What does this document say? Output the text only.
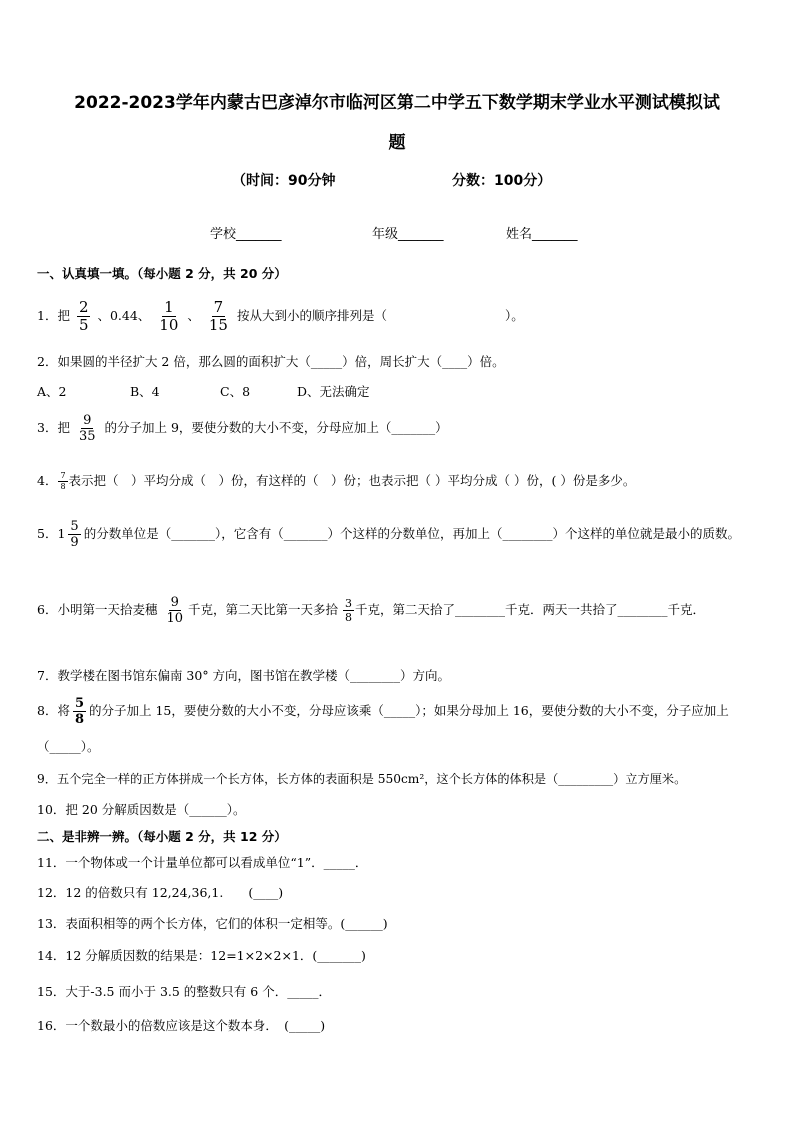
2022-2023学年内蒙古巴彦淖尔市临河区第二中学五下数学期末学业水平测试模拟试
题
（时间：90分钟	分数：100分）
学校_______	年级_______	姓名_______
一、认真填一填。（每小题 2 分，共 20 分）
1．把 $\frac{2}{5}$ 、0.44、 $\frac{1}{10}$ 、 $\frac{7}{15}$ 按从大到小的顺序排列是（	）。
2．如果圆的半径扩大 2 倍，那么圆的面积扩大（_____）倍，周长扩大（____）倍。
A、2	B、4	C、8	D、无法确定
3．把 $\frac{9}{35}$ 的分子加上 9，要使分数的大小不变，分母应加上（_______）
4． $\frac{7}{8}$ 表示把（　）平均分成（　）份，有这样的（　）份；也表示把（ ）平均分成（ ）份，( ）份是多少。
5．$1 \frac{5}{9}$ 的分数单位是（_______），它含有（_______）个这样的分数单位，再加上（________）个这样的单位就是最小的质数。
6．小明第一天拾麦穗 $\frac{9}{10}$ 千克，第二天比第一天多拾 $\frac{3}{8}$ 千克，第二天拾了________千克．两天一共拾了________千克．
7．教学楼在图书馆东偏南 30° 方向，图书馆在教学楼（________）方向。
8．将 $\frac{5}{8}$ 的分子加上 15，要使分数的大小不变，分母应该乘（_____）；如果分母加上 16，要使分数的大小不变，分子应加上（_____）。
9．五个完全一样的正方体拼成一个长方体，长方体的表面积是 550cm²，这个长方体的体积是（_________）立方厘米。
10．把 20 分解质因数是（______）。
二、是非辨一辨。（每小题 2 分，共 12 分）
11．一个物体或一个计量单位都可以看成单位“1”．_____．
12．12 的倍数只有 12,24,36,1.　　(____)
13．表面积相等的两个长方体，它们的体积一定相等。(______)
14．12 分解质因数的结果是：12=1×2×2×1．(_______)
15．大于-3.5 而小于 3.5 的整数只有 6 个．_____．
16．一个数最小的倍数应该是这个数本身．　(_____)
